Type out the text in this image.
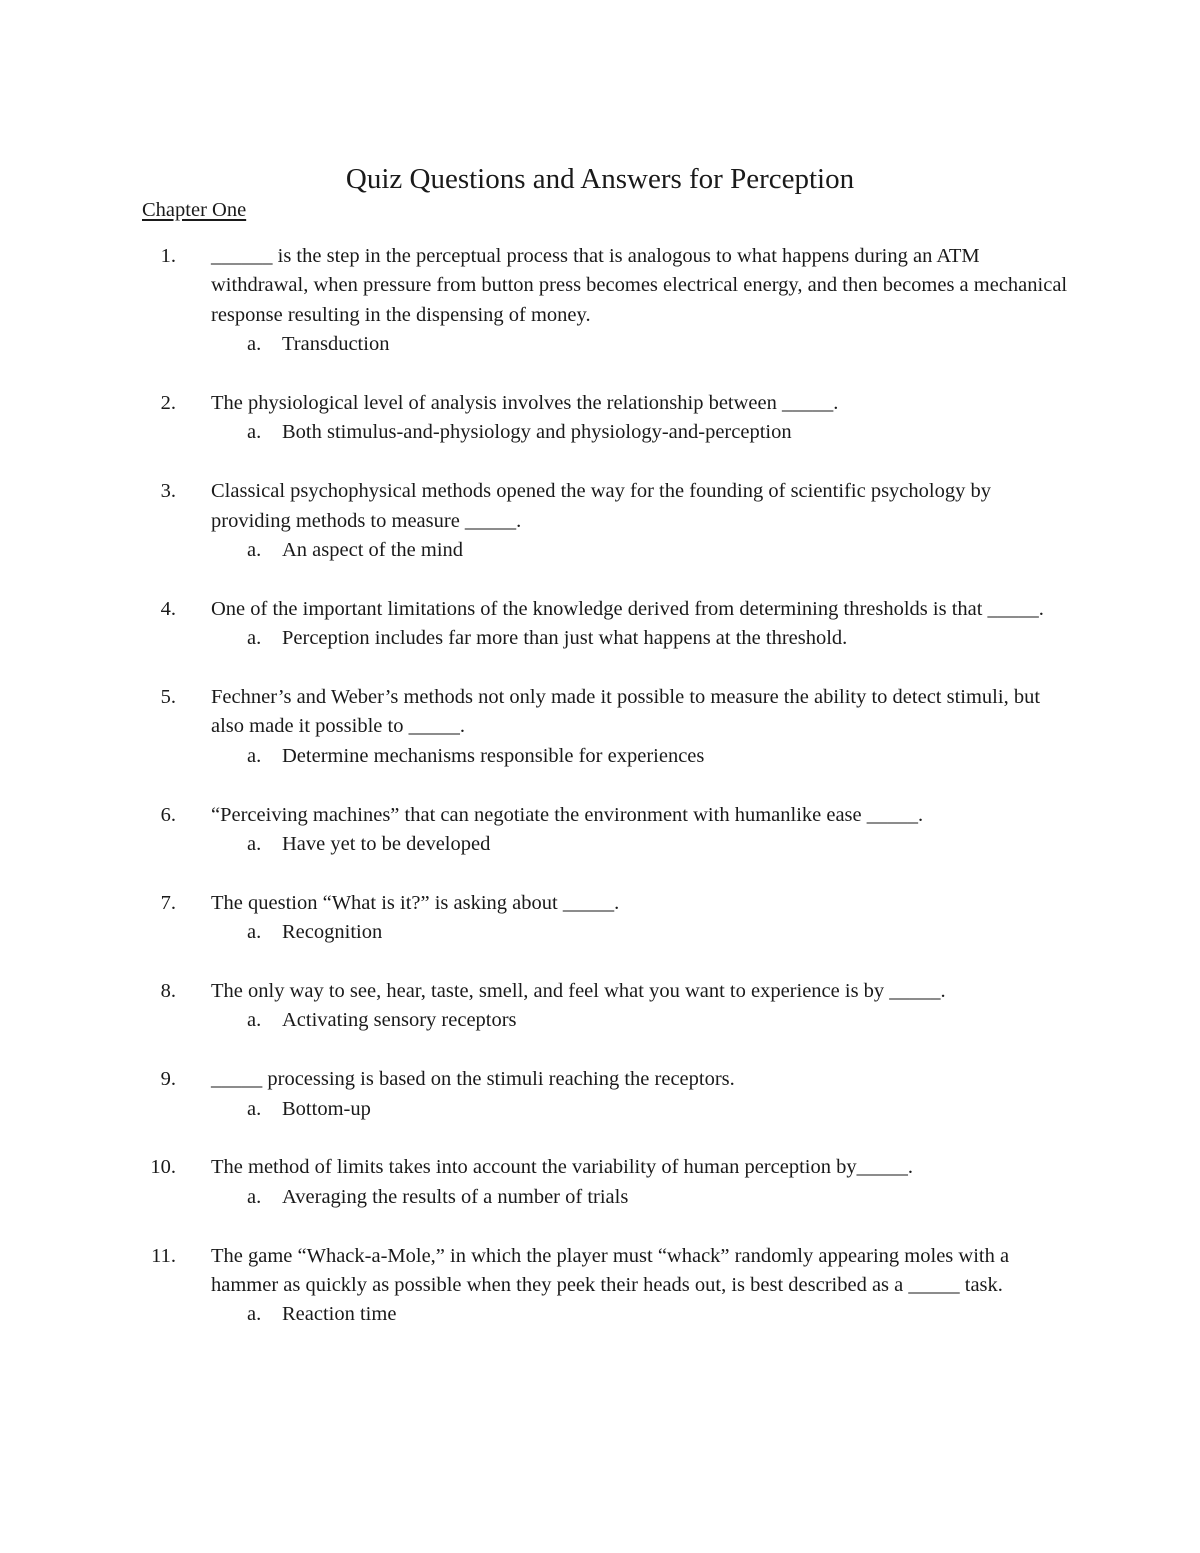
Quiz Questions and Answers for Perception
Chapter One
1. ______ is the step in the perceptual process that is analogous to what happens during an ATM withdrawal, when pressure from button press becomes electrical energy, and then becomes a mechanical response resulting in the dispensing of money.
a. Transduction
2. The physiological level of analysis involves the relationship between _____.
a. Both stimulus-and-physiology and physiology-and-perception
3. Classical psychophysical methods opened the way for the founding of scientific psychology by providing methods to measure _____.
a. An aspect of the mind
4. One of the important limitations of the knowledge derived from determining thresholds is that _____.
a. Perception includes far more than just what happens at the threshold.
5. Fechner’s and Weber’s methods not only made it possible to measure the ability to detect stimuli, but also made it possible to _____.
a. Determine mechanisms responsible for experiences
6. “Perceiving machines” that can negotiate the environment with humanlike ease _____.
a. Have yet to be developed
7. The question “What is it?” is asking about _____.
a. Recognition
8. The only way to see, hear, taste, smell, and feel what you want to experience is by _____.
a. Activating sensory receptors
9. _____ processing is based on the stimuli reaching the receptors.
a. Bottom-up
10. The method of limits takes into account the variability of human perception by_____.
a. Averaging the results of a number of trials
11. The game “Whack-a-Mole,” in which the player must “whack” randomly appearing moles with a hammer as quickly as possible when they peek their heads out, is best described as a _____ task.
a. Reaction time
